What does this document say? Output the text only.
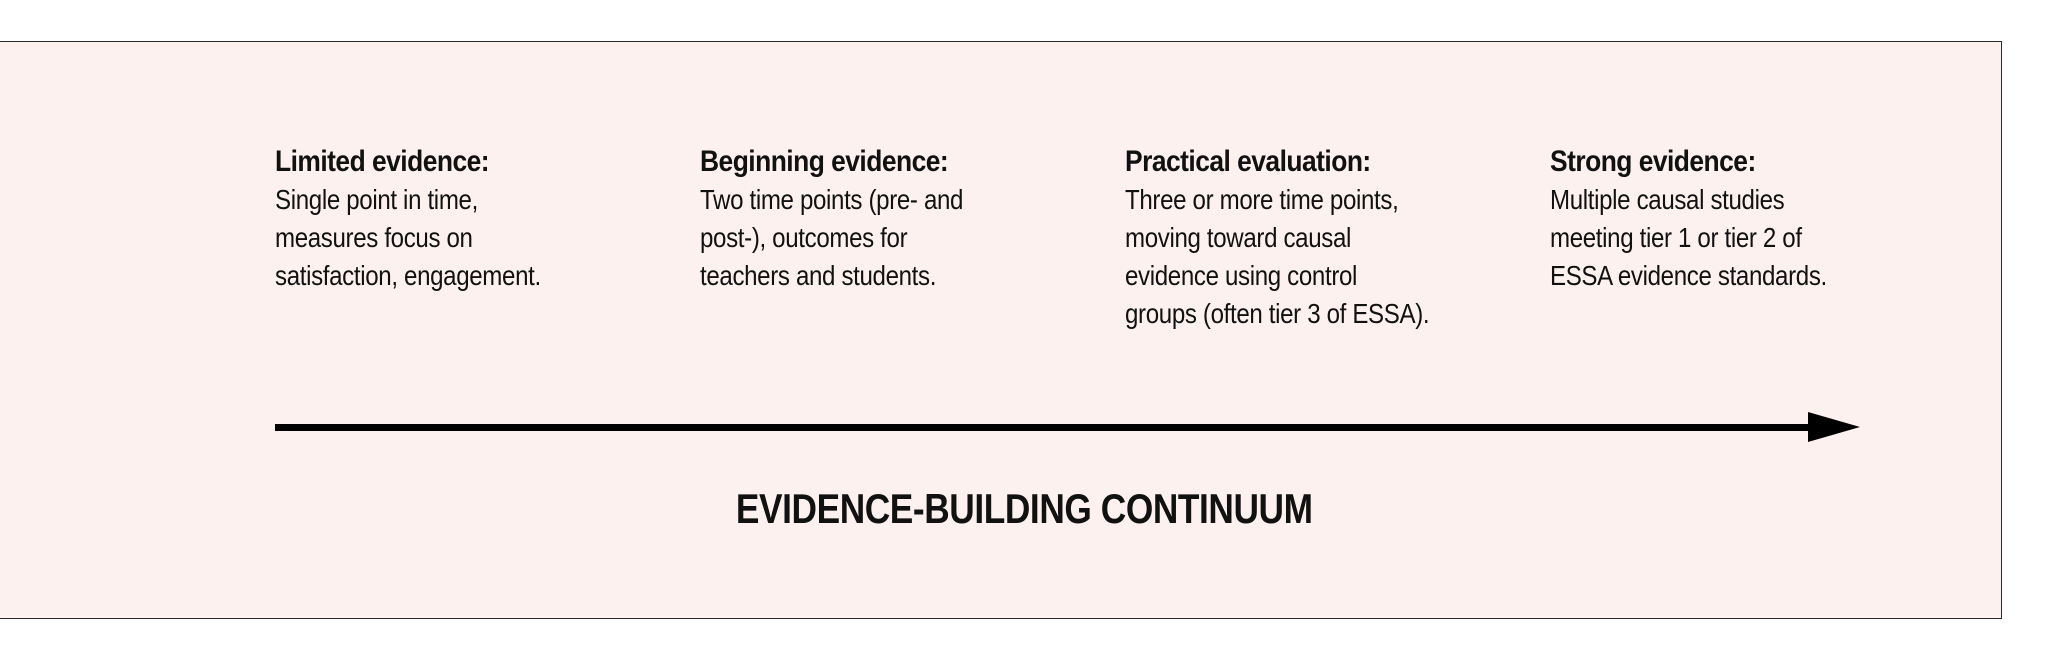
Limited evidence:
Single point in time,
measures focus on
satisfaction, engagement.
Beginning evidence:
Two time points (pre- and
post-), outcomes for
teachers and students.
Practical evaluation:
Three or more time points,
moving toward causal
evidence using control
groups (often tier 3 of ESSA).
Strong evidence:
Multiple causal studies
meeting tier 1 or tier 2 of
ESSA evidence standards.
EVIDENCE-BUILDING CONTINUUM
